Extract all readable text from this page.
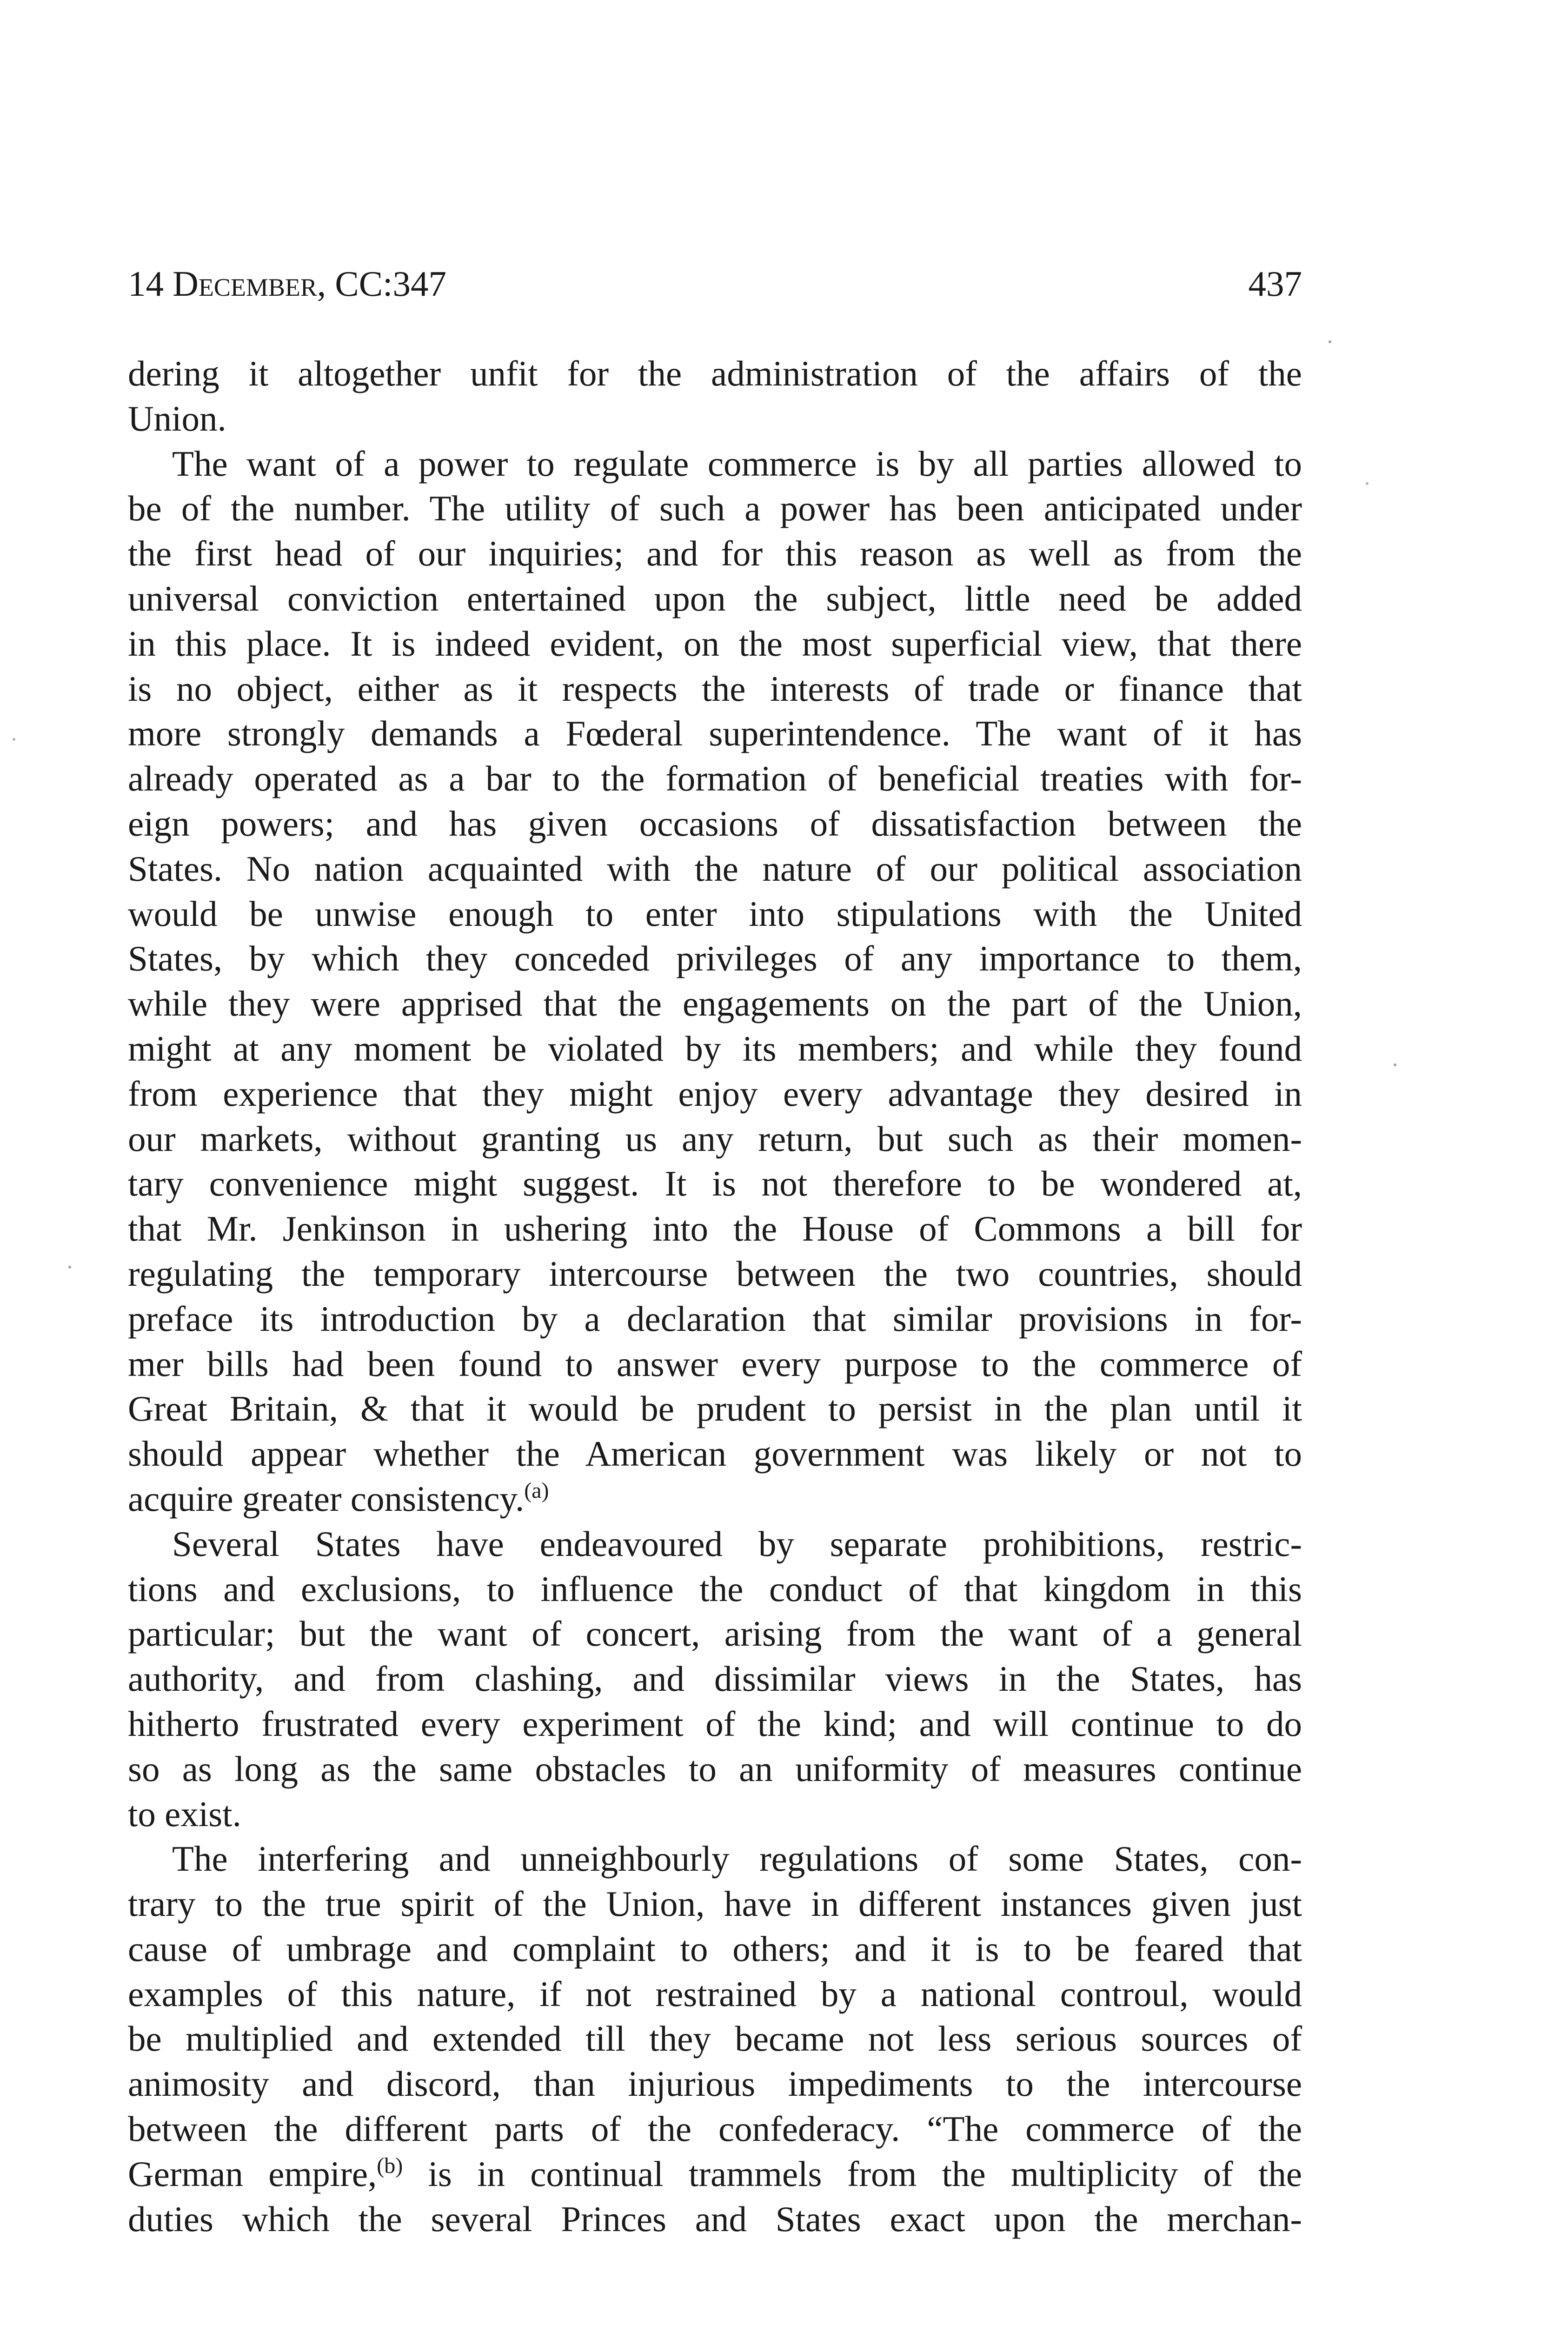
14 December, CC:347	437
dering it altogether unfit for the administration of the affairs of the
Union.
The want of a power to regulate commerce is by all parties allowed to
be of the number. The utility of such a power has been anticipated under
the first head of our inquiries; and for this reason as well as from the
universal conviction entertained upon the subject, little need be added
in this place. It is indeed evident, on the most superficial view, that there
is no object, either as it respects the interests of trade or finance that
more strongly demands a Fœderal superintendence. The want of it has
already operated as a bar to the formation of beneficial treaties with for-
eign powers; and has given occasions of dissatisfaction between the
States. No nation acquainted with the nature of our political association
would be unwise enough to enter into stipulations with the United
States, by which they conceded privileges of any importance to them,
while they were apprised that the engagements on the part of the Union,
might at any moment be violated by its members; and while they found
from experience that they might enjoy every advantage they desired in
our markets, without granting us any return, but such as their momen-
tary convenience might suggest. It is not therefore to be wondered at,
that Mr. Jenkinson in ushering into the House of Commons a bill for
regulating the temporary intercourse between the two countries, should
preface its introduction by a declaration that similar provisions in for-
mer bills had been found to answer every purpose to the commerce of
Great Britain, & that it would be prudent to persist in the plan until it
should appear whether the American government was likely or not to
acquire greater consistency.$^{(a)}$
Several States have endeavoured by separate prohibitions, restric-
tions and exclusions, to influence the conduct of that kingdom in this
particular; but the want of concert, arising from the want of a general
authority, and from clashing, and dissimilar views in the States, has
hitherto frustrated every experiment of the kind; and will continue to do
so as long as the same obstacles to an uniformity of measures continue
to exist.
The interfering and unneighbourly regulations of some States, con-
trary to the true spirit of the Union, have in different instances given just
cause of umbrage and complaint to others; and it is to be feared that
examples of this nature, if not restrained by a national controul, would
be multiplied and extended till they became not less serious sources of
animosity and discord, than injurious impediments to the intercourse
between the different parts of the confederacy. “The commerce of the
German empire,$^{(b)}$ is in continual trammels from the multiplicity of the
duties which the several Princes and States exact upon the merchan-
